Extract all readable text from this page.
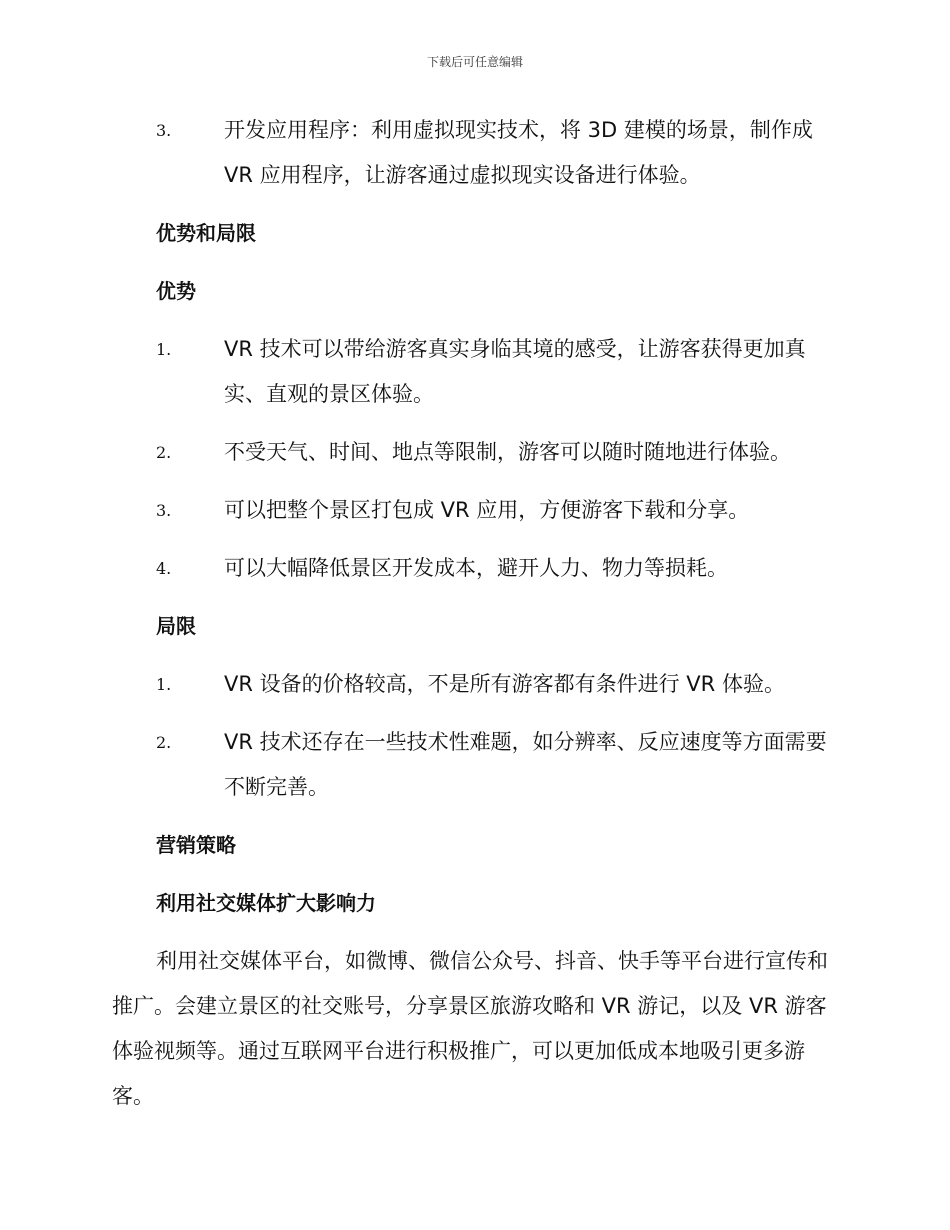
下载后可任意编辑
3.	开发应用程序：利用虚拟现实技术，将 3D 建模的场景，制作成 VR 应用程序，让游客通过虚拟现实设备进行体验。
优势和局限
优势
1.	VR 技术可以带给游客真实身临其境的感受，让游客获得更加真实、直观的景区体验。
2.	不受天气、时间、地点等限制，游客可以随时随地进行体验。
3.	可以把整个景区打包成 VR 应用，方便游客下载和分享。
4.	可以大幅降低景区开发成本，避开人力、物力等损耗。
局限
1.	VR 设备的价格较高，不是所有游客都有条件进行 VR 体验。
2.	VR 技术还存在一些技术性难题，如分辨率、反应速度等方面需要不断完善。
营销策略
利用社交媒体扩大影响力
利用社交媒体平台，如微博、微信公众号、抖音、快手等平台进行宣传和推广。会建立景区的社交账号，分享景区旅游攻略和 VR 游记，以及 VR 游客体验视频等。通过互联网平台进行积极推广，可以更加低成本地吸引更多游客。
